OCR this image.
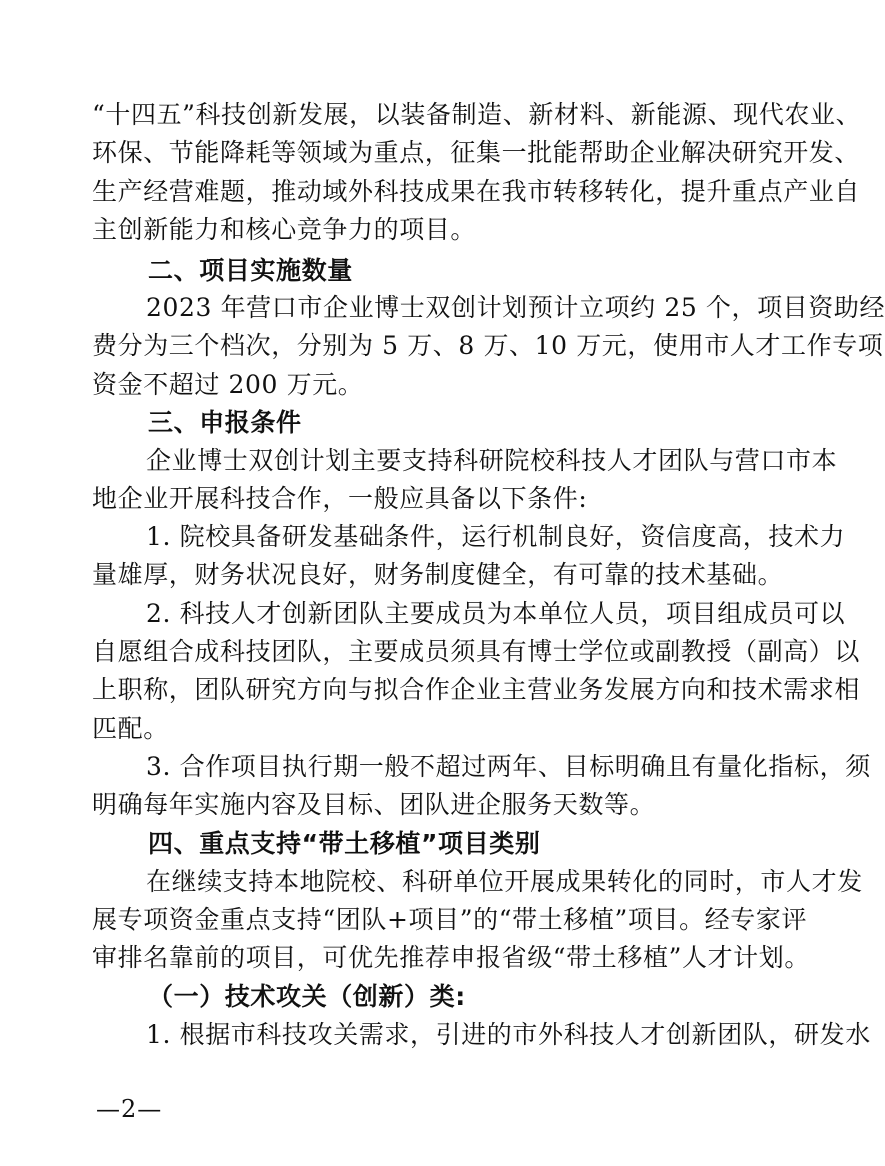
“十四五”科技创新发展，以装备制造、新材料、新能源、现代农业、
环保、节能降耗等领域为重点，征集一批能帮助企业解决研究开发、
生产经营难题，推动域外科技成果在我市转移转化，提升重点产业自
主创新能力和核心竞争力的项目。
二、项目实施数量
2023 年营口市企业博士双创计划预计立项约 25 个，项目资助经
费分为三个档次，分别为 5 万、8 万、10 万元，使用市人才工作专项
资金不超过 200 万元。
三、申报条件
企业博士双创计划主要支持科研院校科技人才团队与营口市本
地企业开展科技合作，一般应具备以下条件:
1. 院校具备研发基础条件，运行机制良好，资信度高，技术力
量雄厚，财务状况良好，财务制度健全，有可靠的技术基础。
2. 科技人才创新团队主要成员为本单位人员，项目组成员可以
自愿组合成科技团队，主要成员须具有博士学位或副教授（副高）以
上职称，团队研究方向与拟合作企业主营业务发展方向和技术需求相
匹配。
3. 合作项目执行期一般不超过两年、目标明确且有量化指标，须
明确每年实施内容及目标、团队进企服务天数等。
四、重点支持“带土移植”项目类别
在继续支持本地院校、科研单位开展成果转化的同时，市人才发
展专项资金重点支持“团队+项目”的“带土移植”项目。经专家评
审排名靠前的项目，可优先推荐申报省级“带土移植”人才计划。
（一）技术攻关（创新）类:
1. 根据市科技攻关需求，引进的市外科技人才创新团队，研发水
—2—
